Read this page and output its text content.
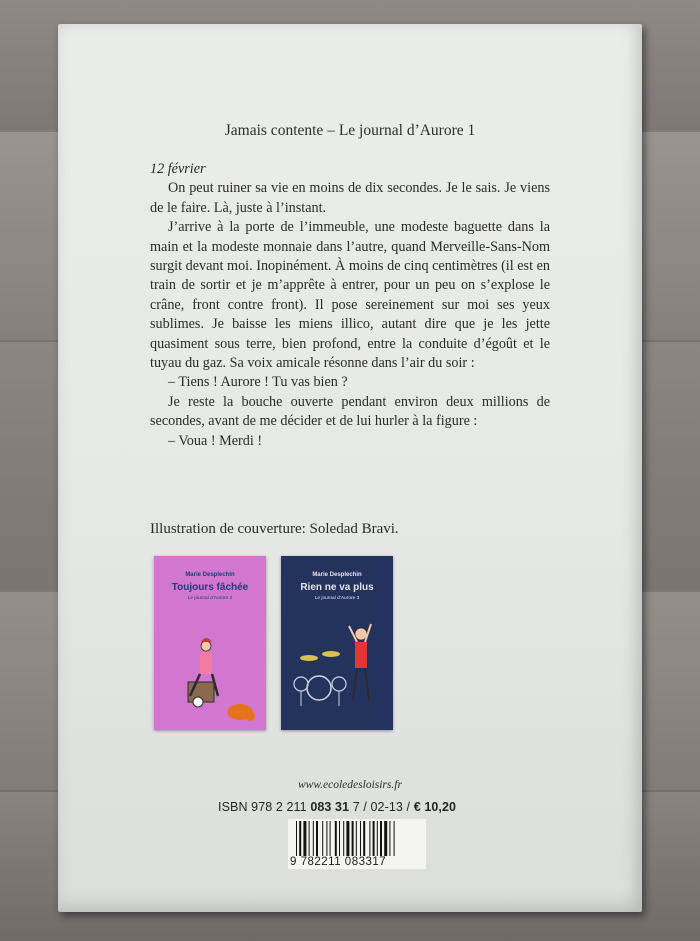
Jamais contente – Le journal d’Aurore 1
12 février

On peut ruiner sa vie en moins de dix secondes. Je le sais. Je viens de le faire. Là, juste à l’instant.

J’arrive à la porte de l’immeuble, une modeste baguette dans la main et la modeste monnaie dans l’autre, quand Merveille-Sans-Nom surgit devant moi. Inopinément. À moins de cinq centimètres (il est en train de sortir et je m’apprête à entrer, pour un peu on s’explose le crâne, front contre front). Il pose sereinement sur moi ses yeux sublimes. Je baisse les miens illico, autant dire que je les jette quasiment sous terre, bien profond, entre la conduite d’égoût et le tuyau du gaz. Sa voix amicale résonne dans l’air du soir :

– Tiens ! Aurore ! Tu vas bien ?

Je reste la bouche ouverte pendant environ deux millions de secondes, avant de me décider et de lui hurler à la figure :

– Voua ! Merdi !

Illustration de couverture: Soledad Bravi.
Marie Desplechin
Toujours fâchée
Le journal d’Aurore 2
Marie Desplechin
Rien ne va plus
Le journal d’Aurore 3
www.ecoledesloisirs.fr
ISBN 978 2 211 083 31 7 / 02-13 / € 10,20
9 782211 083317
